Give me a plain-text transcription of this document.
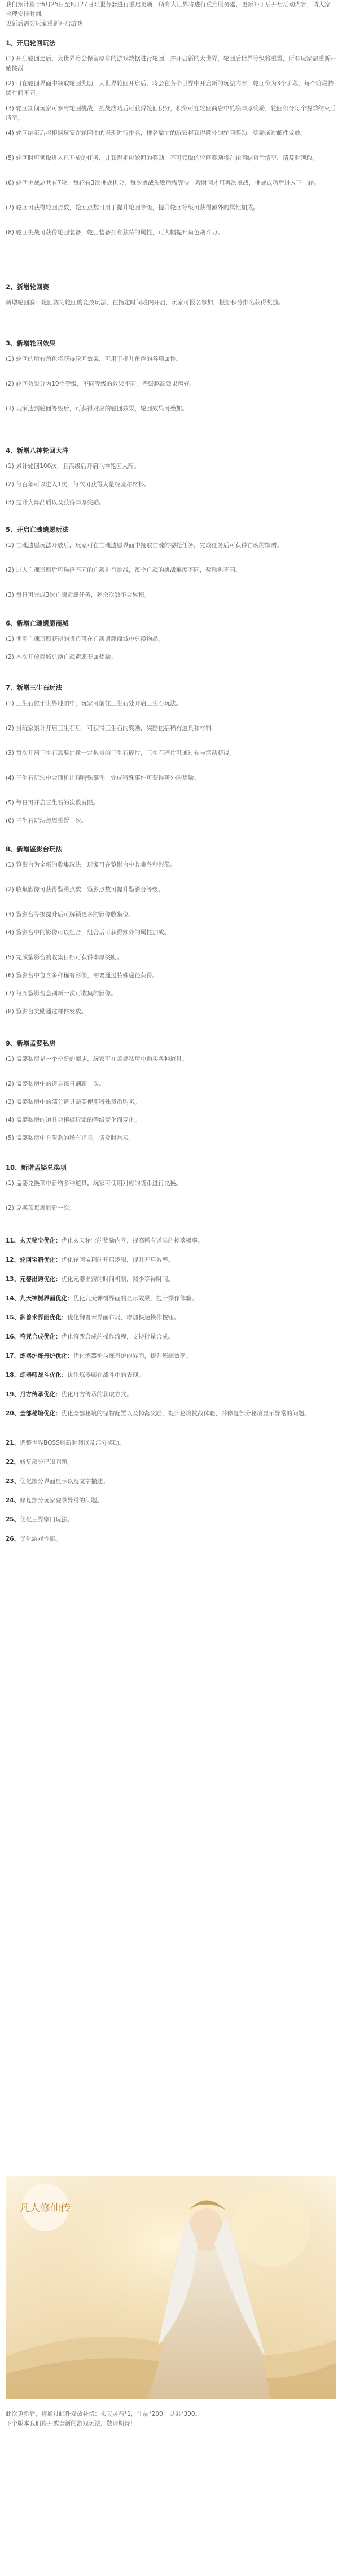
我们预计将于6月25日至6月27日对服务器进行重启更新，所有大世界将进行重启服务器，更新补丁后开启活动内容，请大家合理安排时间。
更新后需要玩家重新开启游戏
1、开启轮回玩法
(1) 开启轮回之后，大世界将会保留原有的游戏数据进行轮回，并开启新的大世界，轮回后世界等级将重置，所有玩家需重新开始挑战。
(2) 可在轮回界面中领取轮回奖励，大世界轮回开启后，将会在各个世界中开启新的玩法内容，轮回分为3个阶段，每个阶段持续时间不同。
(3) 轮回期间玩家可参与轮回挑战，挑战成功后可获得轮回积分，积分可在轮回商店中兑换丰厚奖励，轮回积分每个赛季结束后清空。
(4) 轮回结束后将根据玩家在轮回中的表现进行排名，排名靠前的玩家将获得额外的轮回奖励，奖励通过邮件发放。
(5) 轮回时可领取进入已开放的任务，并获得相应轮回的奖励，不可领取的轮回奖励将在轮回结束后清空，请及时领取。
(6) 轮回挑战总共有7轮，每轮有3次挑战机会，每次挑战失败后需等待一段时间才可再次挑战，挑战成功后进入下一轮。
(7) 轮回可获得轮回点数，轮回点数可用于提升轮回等级，提升轮回等级可获得额外的属性加成。
(8) 轮回挑战可获得轮回装备，轮回装备拥有独特的属性，可大幅提升角色战斗力。
2、新增轮回赛
新增轮回赛：轮回赛为轮回的竞技玩法，在指定时间段内开启，玩家可报名参加，根据积分排名获得奖励。
3、新增轮回效果
(1) 轮回的所有角色将获得轮回效果，可用于提升角色的各项属性。
(2) 轮回效果分为10个等级，不同等级的效果不同，等级越高效果越好。
(3) 玩家达到轮回等级后，可获得对应的轮回效果，轮回效果可叠加。
4、新增八神轮回大阵
(1) 累计轮回100次，且满级后开启八神轮回大阵。
(2) 每百年可以进入1次，每次可获得大量经验和材料。
(3) 提升大阵品质以及获得丰厚奖励。
5、开启亡魂遗愿玩法
(1) 亡魂遗愿玩法开放后，玩家可在亡魂遗愿界面中接取亡魂的委托任务，完成任务后可获得亡魂的馈赠。
(2) 进入亡魂遗愿后可选择不同的亡魂进行挑战，每个亡魂的挑战难度不同，奖励也不同。
(3) 每日可完成3次亡魂遗愿任务，剩余次数不会累积。
6、新增亡魂遗愿商城
(1) 使用亡魂遗愿获得的货币可在亡魂遗愿商城中兑换物品。
(2) 本次开放商城兑换亡魂遗愿专属奖励。
7、新增三生石玩法
(1) 三生石位于世界地图中，玩家可前往三生石处开启三生石玩法。
(2) 当玩家累计开启三生石后，可获得三生石的奖励，奖励包括稀有道具和材料。
(3) 每次开启三生石需要消耗一定数量的三生石碎片，三生石碎片可通过参与活动获得。
(4) 三生石玩法中会随机出现特殊事件，完成特殊事件可获得额外的奖励。
(5) 每日可开启三生石的次数有限。
(6) 三生石玩法每周重置一次。
8、新增鉴影台玩法
(1) 鉴影台为全新的收集玩法，玩家可在鉴影台中收集各种影像。
(2) 收集影像可获得鉴影点数，鉴影点数可提升鉴影台等级。
(3) 鉴影台等级提升后可解锁更多的影像收集位。
(4) 鉴影台中的影像可以组合，组合后可获得额外的属性加成。
(5) 完成鉴影台的收集目标可获得丰厚奖励。
(6) 鉴影台中包含多种稀有影像，需要通过特殊途径获得。
(7) 每周鉴影台会刷新一次可收集的影像。
(8) 鉴影台奖励通过邮件发放。
9、新增孟婆私房
(1) 孟婆私房是一个全新的商店，玩家可在孟婆私房中购买各种道具。
(2) 孟婆私房中的道具每日刷新一次。
(3) 孟婆私房中的部分道具需要使用特殊货币购买。
(4) 孟婆私房的道具会根据玩家的等级变化而变化。
(5) 孟婆私房中有限购的稀有道具，请及时购买。
10、新增孟婆兑换项
(1) 孟婆兑换项中新增多种道具，玩家可使用对应的货币进行兑换。
(2) 兑换项每周刷新一次。
11、玄天秘宝优化：优化玄天秘宝的奖励内容，提高稀有道具的掉落概率。
12、轮回宝箱优化：优化轮回宝箱的开启逻辑，提升开启效率。
13、元婴出窍优化：优化元婴出窍的时间机制，减少等待时间。
14、九天神树界面优化：优化九天神树界面的显示效果，提升操作体验。
15、御兽术界面优化：优化御兽术界面布局，增加快速操作按钮。
16、符咒合成优化：优化符咒合成的操作流程，支持批量合成。
17、炼器炉炼丹炉优化：优化炼器炉与炼丹炉的界面，提升炼制效率。
18、炼器师战斗优化：优化炼器师在战斗中的表现。
19、丹方传承优化：优化丹方传承的获取方式。
20、全部秘境优化：优化全部秘境的怪物配置以及掉落奖励，提升秘境挑战体验，并修复部分秘境显示异常的问题。
21、调整世界BOSS刷新时间以及部分奖励。
22、修复部分已知问题。
23、优化部分界面显示以及文字描述。
24、修复部分玩家登录异常的问题。
25、优化三界宗门玩法。
26、优化游戏性能。
凡人修仙传
此次更新后，将通过邮件发放补偿：玄天灵石*1，仙晶*200，灵果*300。
下个版本我们将开放全新的游戏玩法，敬请期待！
